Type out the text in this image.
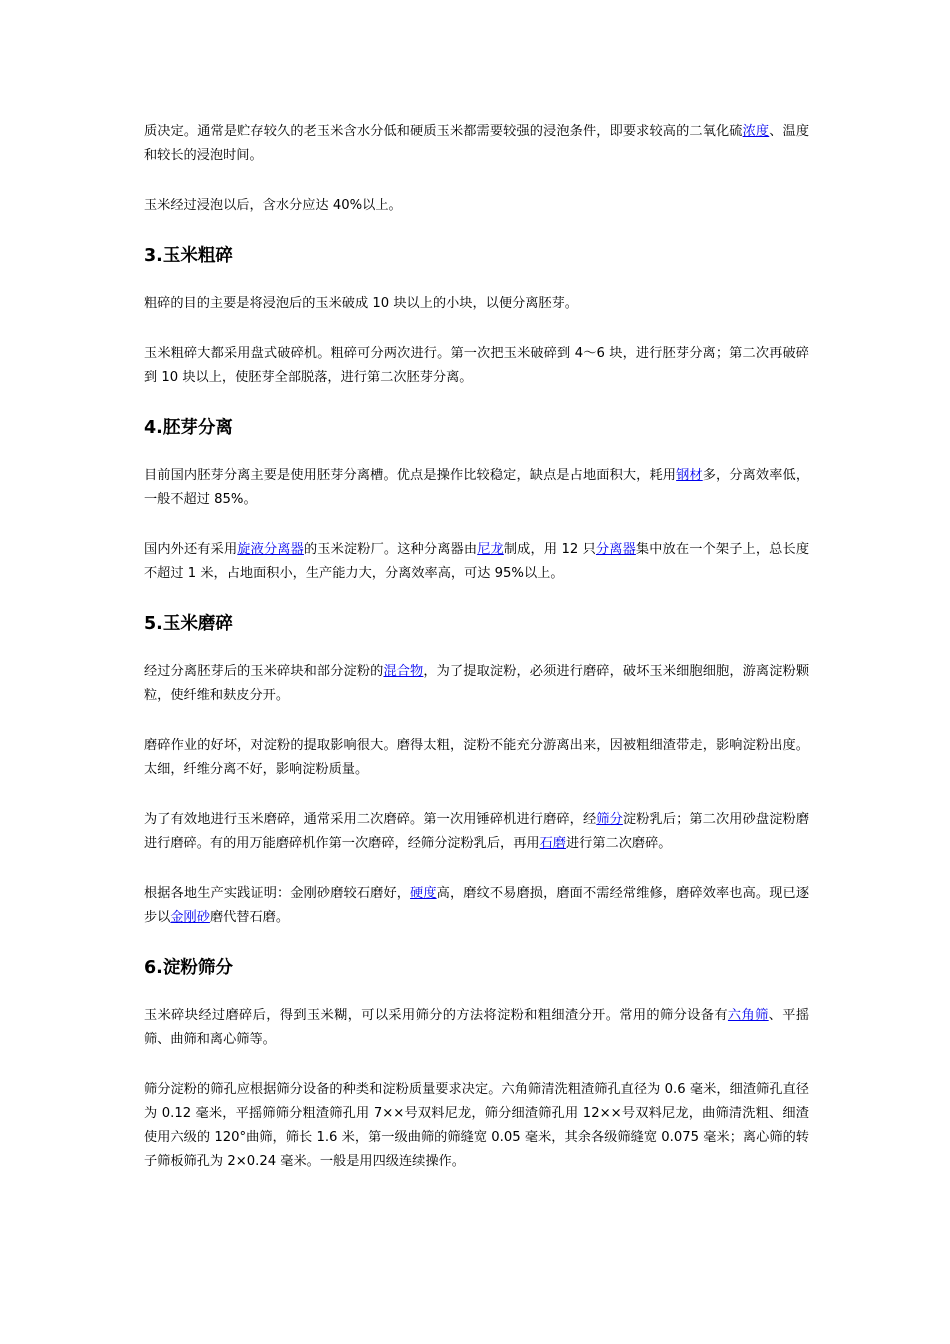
质决定。通常是贮存较久的老玉米含水分低和硬质玉米都需要较强的浸泡条件，即要求较高的二氧化硫浓度、温度和较长的浸泡时间。

玉米经过浸泡以后，含水分应达 40%以上。

3.玉米粗碎

粗碎的目的主要是将浸泡后的玉米破成 10 块以上的小块，以便分离胚芽。

玉米粗碎大都采用盘式破碎机。粗碎可分两次进行。第一次把玉米破碎到 4～6 块，进行胚芽分离；第二次再破碎到 10 块以上，使胚芽全部脱落，进行第二次胚芽分离。

4.胚芽分离

目前国内胚芽分离主要是使用胚芽分离槽。优点是操作比较稳定，缺点是占地面积大，耗用钢材多，分离效率低，一般不超过 85%。

国内外还有采用旋液分离器的玉米淀粉厂。这种分离器由尼龙制成，用 12 只分离器集中放在一个架子上，总长度不超过 1 米，占地面积小，生产能力大，分离效率高，可达 95%以上。

5.玉米磨碎

经过分离胚芽后的玉米碎块和部分淀粉的混合物，为了提取淀粉，必须进行磨碎，破坏玉米细胞细胞，游离淀粉颗粒，使纤维和麸皮分开。

磨碎作业的好坏，对淀粉的提取影响很大。磨得太粗，淀粉不能充分游离出来，因被粗细渣带走，影响淀粉出度。太细，纤维分离不好，影响淀粉质量。

为了有效地进行玉米磨碎，通常采用二次磨碎。第一次用锤碎机进行磨碎，经筛分淀粉乳后；第二次用砂盘淀粉磨进行磨碎。有的用万能磨碎机作第一次磨碎，经筛分淀粉乳后，再用石磨进行第二次磨碎。

根据各地生产实践证明：金刚砂磨较石磨好，硬度高，磨纹不易磨损，磨面不需经常维修，磨碎效率也高。现已逐步以金刚砂磨代替石磨。

6.淀粉筛分

玉米碎块经过磨碎后，得到玉米糊，可以采用筛分的方法将淀粉和粗细渣分开。常用的筛分设备有六角筛、平摇筛、曲筛和离心筛等。

筛分淀粉的筛孔应根据筛分设备的种类和淀粉质量要求决定。六角筛清洗粗渣筛孔直径为 0.6 毫米，细渣筛孔直径为 0.12 毫米，平摇筛筛分粗渣筛孔用 7××号双料尼龙，筛分细渣筛孔用 12××号双料尼龙，曲筛清洗粗、细渣使用六级的 120°曲筛，筛长 1.6 米，第一级曲筛的筛缝宽 0.05 毫米，其余各级筛缝宽 0.075 毫米；离心筛的转子筛板筛孔为 2×0.24 毫米。一般是用四级连续操作。
